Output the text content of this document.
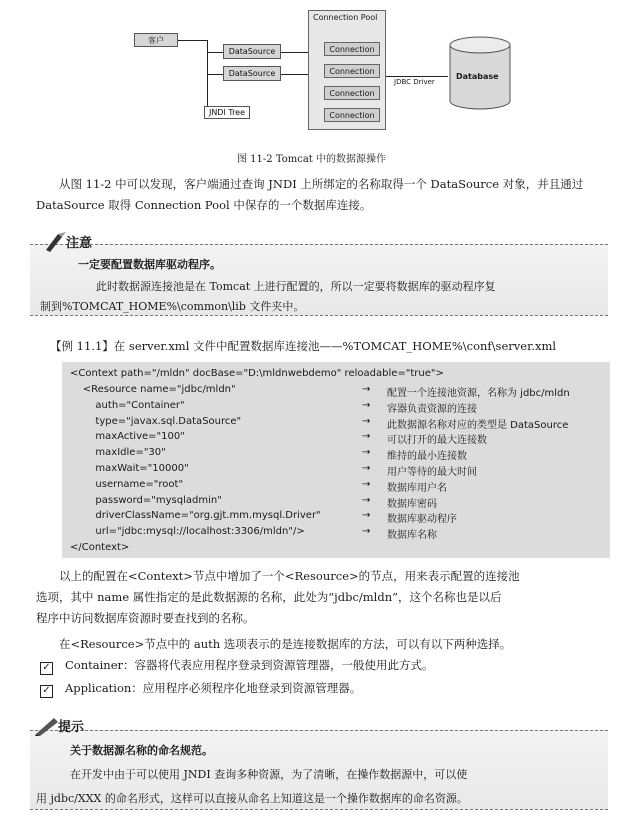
客户
DataSource
DataSource
JNDI Tree
Connection Pool
Connection
Connection
Connection
Connection
JDBC Driver
Database
图 11-2 Tomcat 中的数据源操作
从图 11-2 中可以发现，客户端通过查询 JNDI 上所绑定的名称取得一个 DataSource 对象，并且通过 DataSource 取得 Connection Pool 中保存的一个数据库连接。
注意
一定要配置数据库驱动程序。
此时数据源连接池是在 Tomcat 上进行配置的，所以一定要将数据库的驱动程序复
制到%TOMCAT_HOME%\common\lib 文件夹中。
【例 11.1】在 server.xml 文件中配置数据库连接池——%TOMCAT_HOME%\conf\server.xml
<Context path="/mldn" docBase="D:\mldnwebdemo" reloadable="true">
<Resource name="jdbc/mldn"	→ 配置一个连接池资源，名称为 jdbc/mldn
auth="Container"	→ 容器负责资源的连接
type="javax.sql.DataSource"	→ 此数据源名称对应的类型是 DataSource
maxActive="100"	→ 可以打开的最大连接数
maxIdle="30"	→ 维持的最小连接数
maxWait="10000"	→ 用户等待的最大时间
username="root"	→ 数据库用户名
password="mysqladmin"	→ 数据库密码
driverClassName="org.gjt.mm.mysql.Driver"	→ 数据库驱动程序
url="jdbc:mysql://localhost:3306/mldn"/>	→ 数据库名称
</Context>
以上的配置在<Context>节点中增加了一个<Resource>的节点，用来表示配置的连接池
选项，其中 name 属性指定的是此数据源的名称，此处为“jdbc/mldn”，这个名称也是以后
程序中访问数据库资源时要查找到的名称。
在<Resource>节点中的 auth 选项表示的是连接数据库的方法，可以有以下两种选择。
✓ Container：容器将代表应用程序登录到资源管理器，一般使用此方式。
✓ Application：应用程序必须程序化地登录到资源管理器。
提示
关于数据源名称的命名规范。
在开发中由于可以使用 JNDI 查询多种资源，为了清晰，在操作数据源中，可以使
用 jdbc/XXX 的命名形式，这样可以直接从命名上知道这是一个操作数据库的命名资源。
